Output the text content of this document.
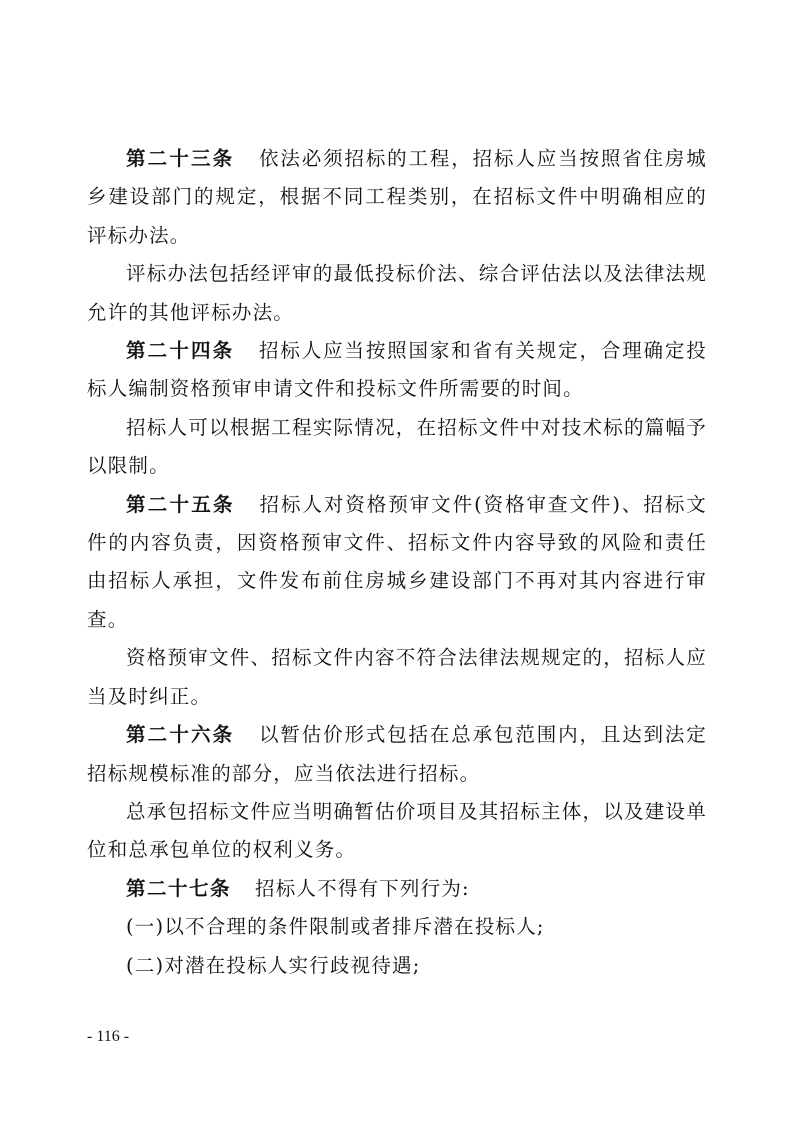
第二十三条 依法必须招标的工程，招标人应当按照省住房城乡建设部门的规定，根据不同工程类别，在招标文件中明确相应的评标办法。

评标办法包括经评审的最低投标价法、综合评估法以及法律法规允许的其他评标办法。

第二十四条 招标人应当按照国家和省有关规定，合理确定投标人编制资格预审申请文件和投标文件所需要的时间。

招标人可以根据工程实际情况，在招标文件中对技术标的篇幅予以限制。

第二十五条 招标人对资格预审文件(资格审查文件)、招标文件的内容负责，因资格预审文件、招标文件内容导致的风险和责任由招标人承担，文件发布前住房城乡建设部门不再对其内容进行审查。

资格预审文件、招标文件内容不符合法律法规规定的，招标人应当及时纠正。

第二十六条 以暂估价形式包括在总承包范围内，且达到法定招标规模标准的部分，应当依法进行招标。

总承包招标文件应当明确暂估价项目及其招标主体，以及建设单位和总承包单位的权利义务。

第二十七条 招标人不得有下列行为:

(一)以不合理的条件限制或者排斥潜在投标人;

(二)对潜在投标人实行歧视待遇;

- 116 -
